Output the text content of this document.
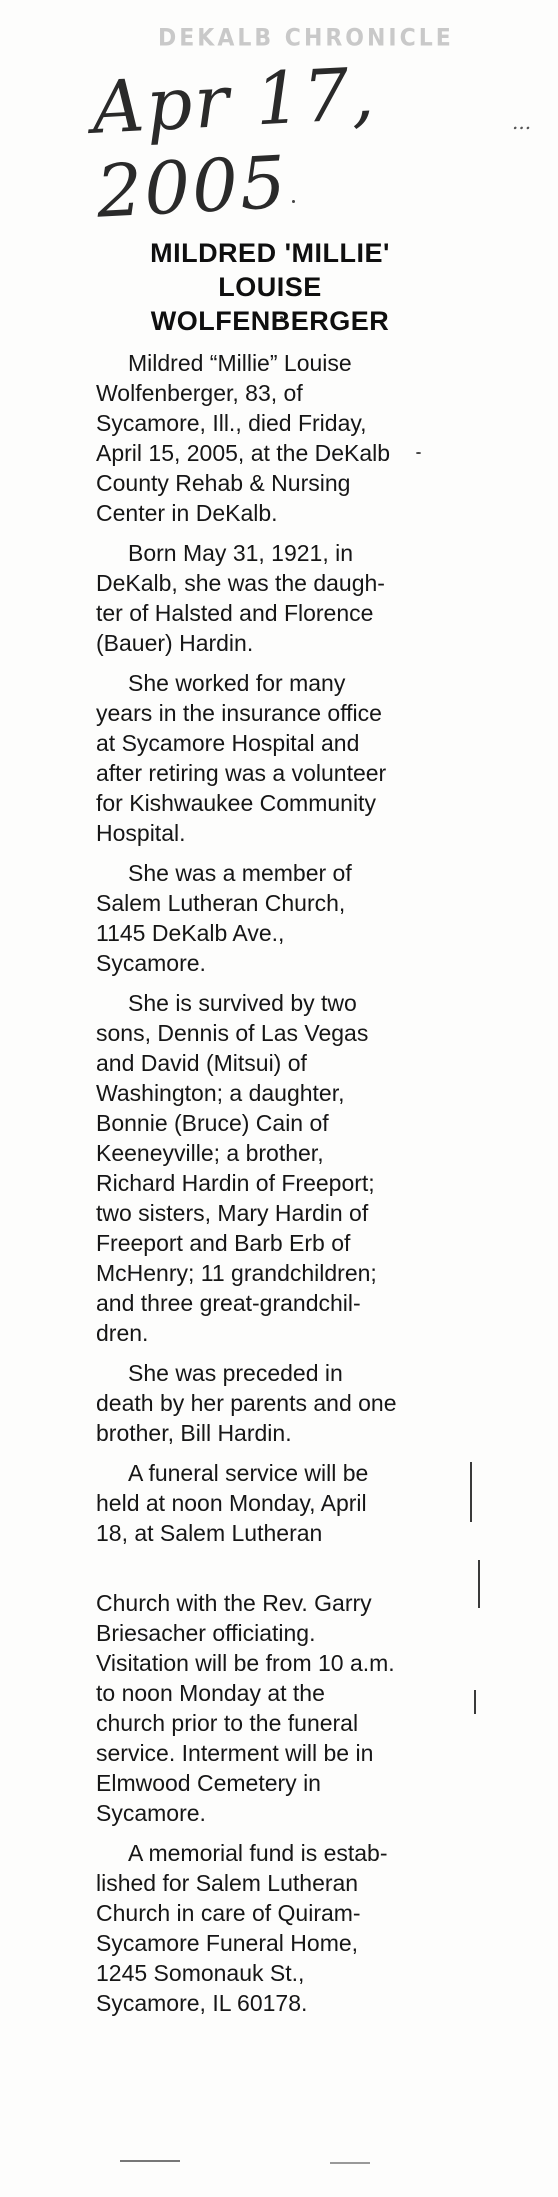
DEKALB CHRONICLE
Apr 17, 2005
...
MILDRED 'MILLIE'
LOUISE
WOLFENBERGER

Mildred “Millie” Louise
Wolfenberger, 83, of
Sycamore, Ill., died Friday,
April 15, 2005, at the DeKalb
County Rehab & Nursing
Center in DeKalb.

Born May 31, 1921, in
DeKalb, she was the daugh-
ter of Halsted and Florence
(Bauer) Hardin.

She worked for many
years in the insurance office
at Sycamore Hospital and
after retiring was a volunteer
for Kishwaukee Community
Hospital.

She was a member of
Salem Lutheran Church,
1145 DeKalb Ave.,
Sycamore.

She is survived by two
sons, Dennis of Las Vegas
and David (Mitsui) of
Washington; a daughter,
Bonnie (Bruce) Cain of
Keeneyville; a brother,
Richard Hardin of Freeport;
two sisters, Mary Hardin of
Freeport and Barb Erb of
McHenry; 11 grandchildren;
and three great-grandchil-
dren.

She was preceded in
death by her parents and one
brother, Bill Hardin.

A funeral service will be
held at noon Monday, April
18, at Salem Lutheran

Church with the Rev. Garry
Briesacher officiating.
Visitation will be from 10 a.m.
to noon Monday at the
church prior to the funeral
service. Interment will be in
Elmwood Cemetery in
Sycamore.

A memorial fund is estab-
lished for Salem Lutheran
Church in care of Quiram-
Sycamore Funeral Home,
1245 Somonauk St.,
Sycamore, IL 60178.
